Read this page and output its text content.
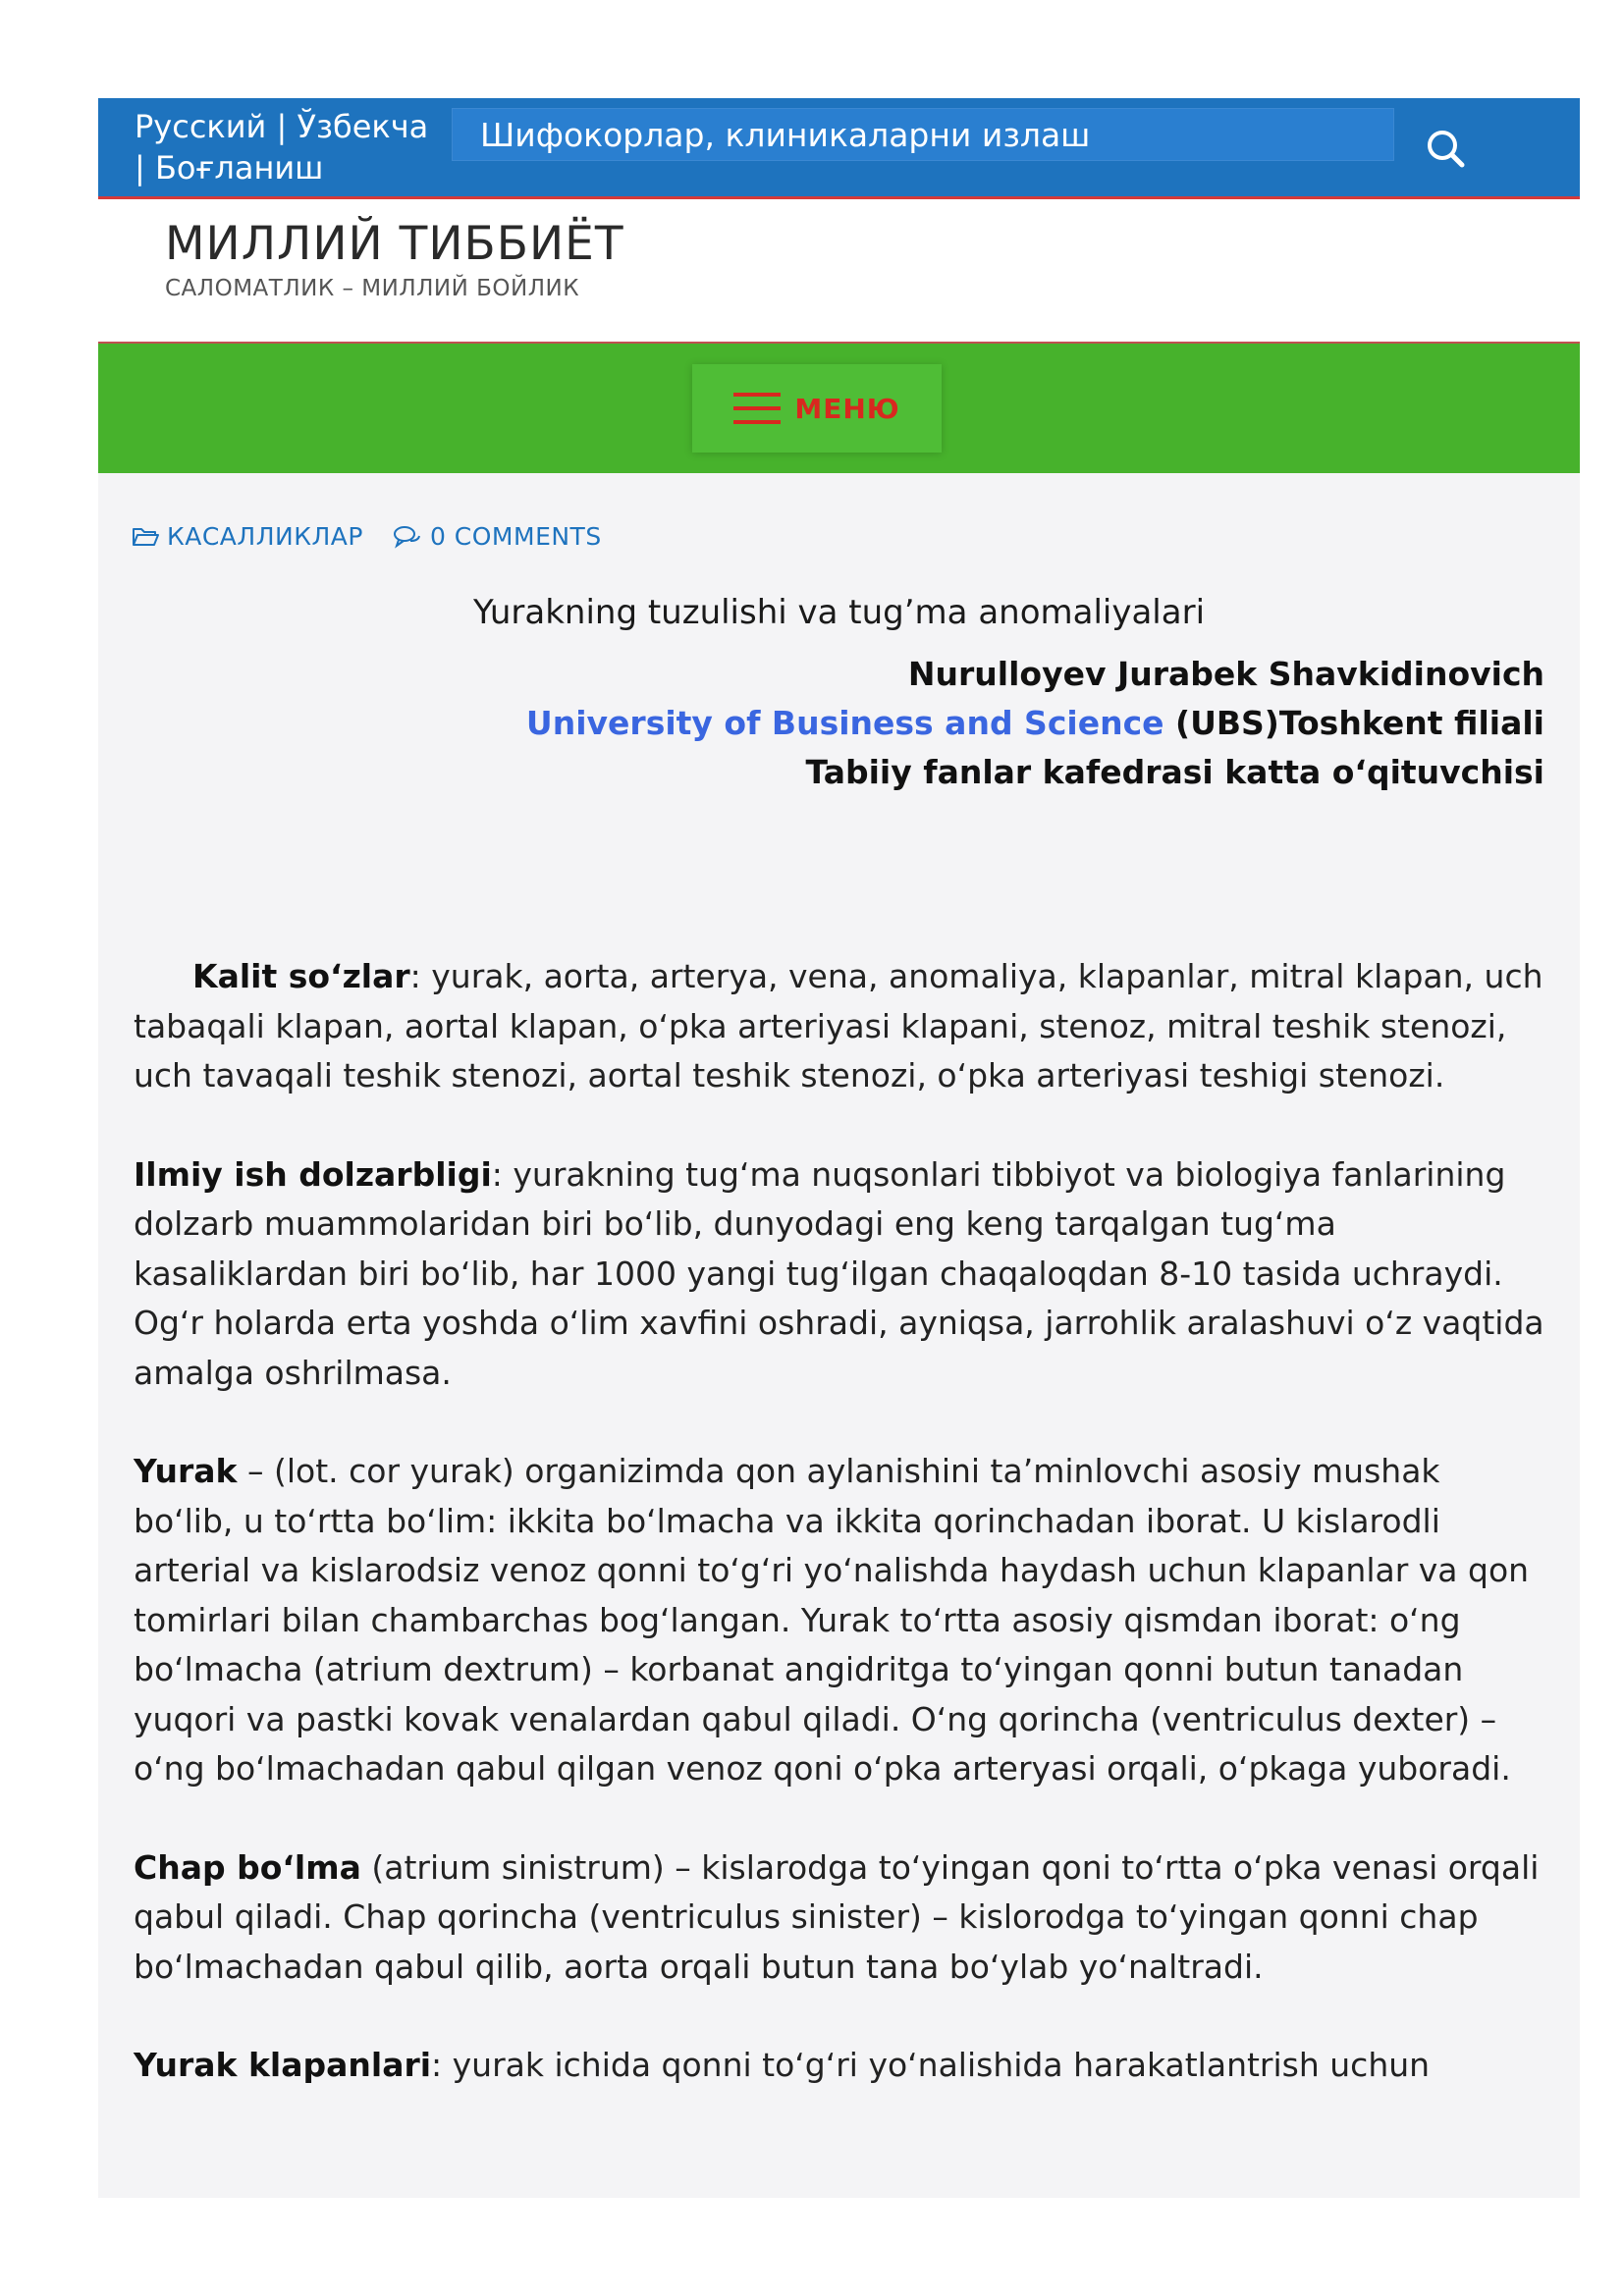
Русский | Ўзбекча
| Боғланиш
Шифокорлар, клиникаларни излаш
МИЛЛИЙ ТИББИЁТ
САЛОМАТЛИК – МИЛЛИЙ БОЙЛИК
МЕНЮ
КАСАЛЛИКЛАР	0 COMMENTS
Yurakning tuzulishi va tug’ma anomaliyalari
Nurulloyev Jurabek Shavkidinovich
University of Business and Science (UBS)Toshkent filiali
Tabiiy fanlar kafedrasi katta oʻqituvchisi

Kalit soʻzlar: yurak, aorta, arterya, vena, anomaliya, klapanlar, mitral klapan, uch tabaqali klapan, aortal klapan, oʻpka arteriyasi klapani, stenoz, mitral teshik stenozi, uch tavaqali teshik stenozi, aortal teshik stenozi, oʻpka arteriyasi teshigi stenozi.

Ilmiy ish dolzarbligi: yurakning tugʻma nuqsonlari tibbiyot va biologiya fanlarining dolzarb muammolaridan biri boʻlib, dunyodagi eng keng tarqalgan tugʻma kasaliklardan biri boʻlib, har 1000 yangi tugʻilgan chaqaloqdan 8-10 tasida uchraydi. Ogʻr holarda erta yoshda oʻlim xavfini oshradi, ayniqsa, jarrohlik aralashuvi oʻz vaqtida amalga oshrilmasa.

Yurak – (lot. cor yurak) organizimda qon aylanishini ta’minlovchi asosiy mushak boʻlib, u toʻrtta boʻlim: ikkita boʻlmacha va ikkita qorinchadan iborat. U kislarodli arterial va kislarodsiz venoz qonni toʻgʻri yoʻnalishda haydash uchun klapanlar va qon tomirlari bilan chambarchas bogʻlangan. Yurak toʻrtta asosiy qismdan iborat: oʻng boʻlmacha (atrium dextrum) – korbanat angidritga toʻyingan qonni butun tanadan yuqori va pastki kovak venalardan qabul qiladi. Oʻng qorincha (ventriculus dexter) – oʻng boʻlmachadan qabul qilgan venoz qoni oʻpka arteryasi orqali, oʻpkaga yuboradi.

Chap boʻlma (atrium sinistrum) – kislarodga toʻyingan qoni toʻrtta oʻpka venasi orqali qabul qiladi. Chap qorincha (ventriculus sinister) – kislorodga toʻyingan qonni chap boʻlmachadan qabul qilib, aorta orqali butun tana boʻylab yoʻnaltradi.

Yurak klapanlari: yurak ichida qonni toʻgʻri yoʻnalishida harakatlantrish uchun
